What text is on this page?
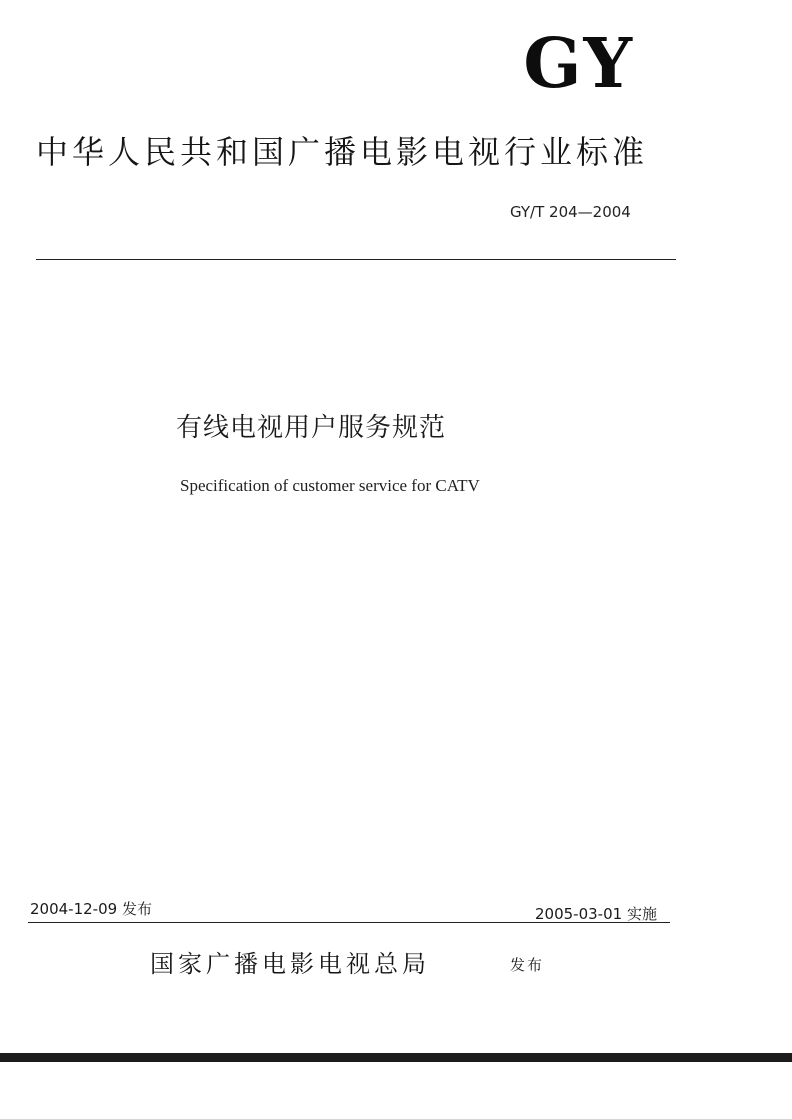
GY
中华人民共和国广播电影电视行业标准
GY/T 204—2004
有线电视用户服务规范
Specification of customer service for CATV
2004-12-09 发布	2005-03-01 实施
国家广播电影电视总局	发布
